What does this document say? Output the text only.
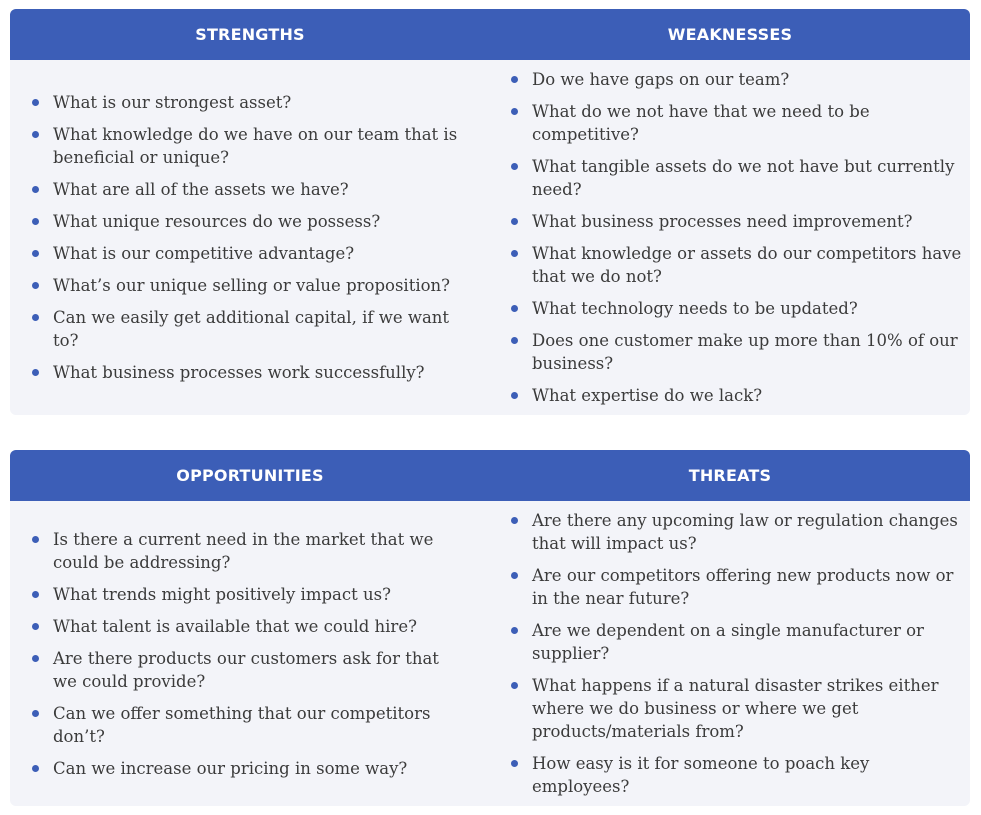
STRENGTHS	WEAKNESSES
What is our strongest asset?
What knowledge do we have on our team that is beneficial or unique?
What are all of the assets we have?
What unique resources do we possess?
What is our competitive advantage?
What’s our unique selling or value proposition?
Can we easily get additional capital, if we want to?
What business processes work successfully?
Do we have gaps on our team?
What do we not have that we need to be competitive?
What tangible assets do we not have but currently need?
What business processes need improvement?
What knowledge or assets do our competitors have that we do not?
What technology needs to be updated?
Does one customer make up more than 10% of our business?
What expertise do we lack?
OPPORTUNITIES	THREATS
Is there a current need in the market that we could be addressing?
What trends might positively impact us?
What talent is available that we could hire?
Are there products our customers ask for that we could provide?
Can we offer something that our competitors don’t?
Can we increase our pricing in some way?
Are there any upcoming law or regulation changes that will impact us?
Are our competitors offering new products now or in the near future?
Are we dependent on a single manufacturer or supplier?
What happens if a natural disaster strikes either where we do business or where we get products/materials from?
How easy is it for someone to poach key employees?
